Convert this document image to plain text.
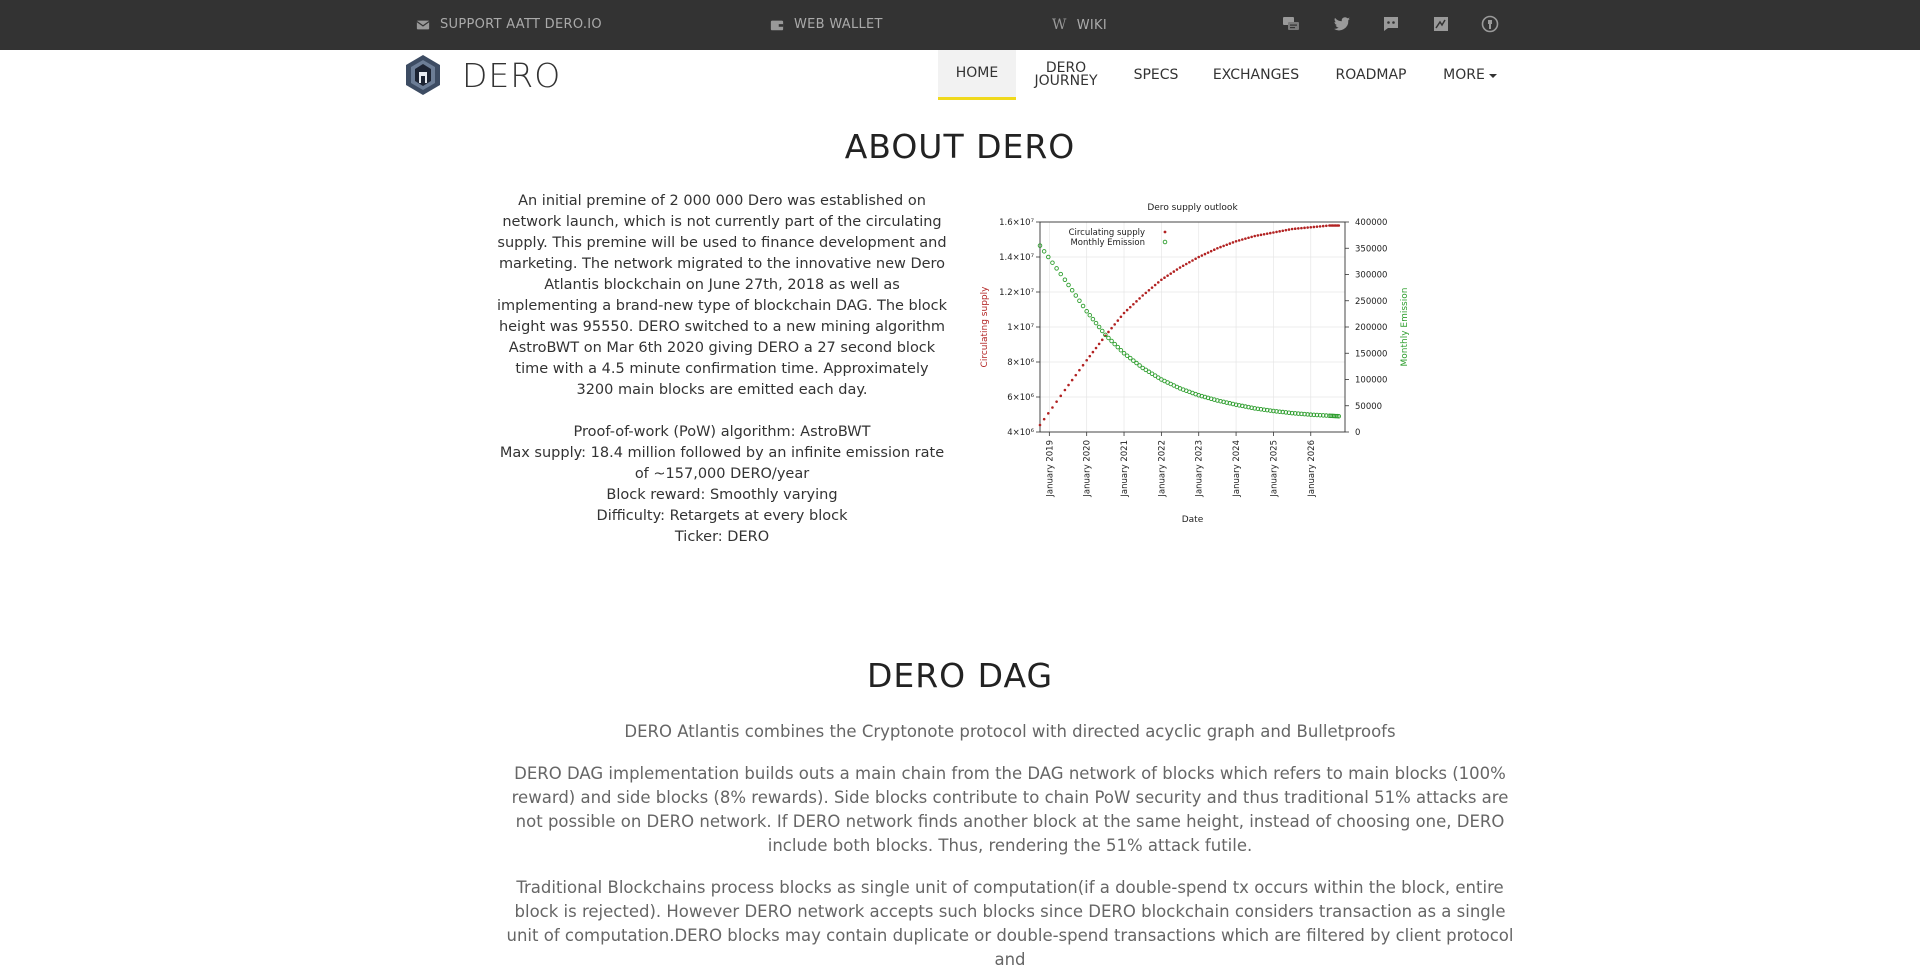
SUPPORT AATT DERO.IO	WEB WALLET	W WIKI
DERO	HOME	DERO
JOURNEY	SPECS EXCHANGES	ROADMAP	MORE
ABOUT DERO

An initial premine of 2 000 000 Dero was established on network launch, which is not currently part of the circulating supply. This premine will be used to finance development and marketing. The network migrated to the innovative new Dero Atlantis blockchain on June 27th, 2018 as well as implementing a brand-new type of blockchain DAG. The block height was 95550. DERO switched to a new mining algorithm AstroBWT on Mar 6th 2020 giving DERO a 27 second block time with a 4.5 minute confirmation time. Approximately 3200 main blocks are emitted each day.

Proof-of-work (PoW) algorithm: AstroBWT

Max supply: 18.4 million followed by an infinite emission rate of ~157,000 DERO/year

Block reward: Smoothly varying

Difficulty: Retargets at every block

Ticker: DERO

Dero supply outlook
January 2019	January 2020	January 2021	January 2022	January 2023	January 2024	January 2025	January 2026
4×10⁶
6×10⁶
8×10⁶
1×10⁷
1.2×10⁷
1.4×10⁷
1.6×10⁷
0
50000
100000
150000
200000
250000
300000
350000
400000
Date
Circulating supply	Monthly Emission
Circulating supply
Monthly Emission
DERO DAG

DERO Atlantis combines the Cryptonote protocol with directed acyclic graph and Bulletproofs

DERO DAG implementation builds outs a main chain from the DAG network of blocks which refers to main blocks (100% reward) and side blocks (8% rewards). Side blocks contribute to chain PoW security and thus traditional 51% attacks are not possible on DERO network. If DERO network finds another block at the same height, instead of choosing one, DERO include both blocks. Thus, rendering the 51% attack futile.

Traditional Blockchains process blocks as single unit of computation(if a double-spend tx occurs within the block, entire block is rejected). However DERO network accepts such blocks since DERO blockchain considers transaction as a single unit of computation.DERO blocks may contain duplicate or double-spend transactions which are filtered by client protocol and
